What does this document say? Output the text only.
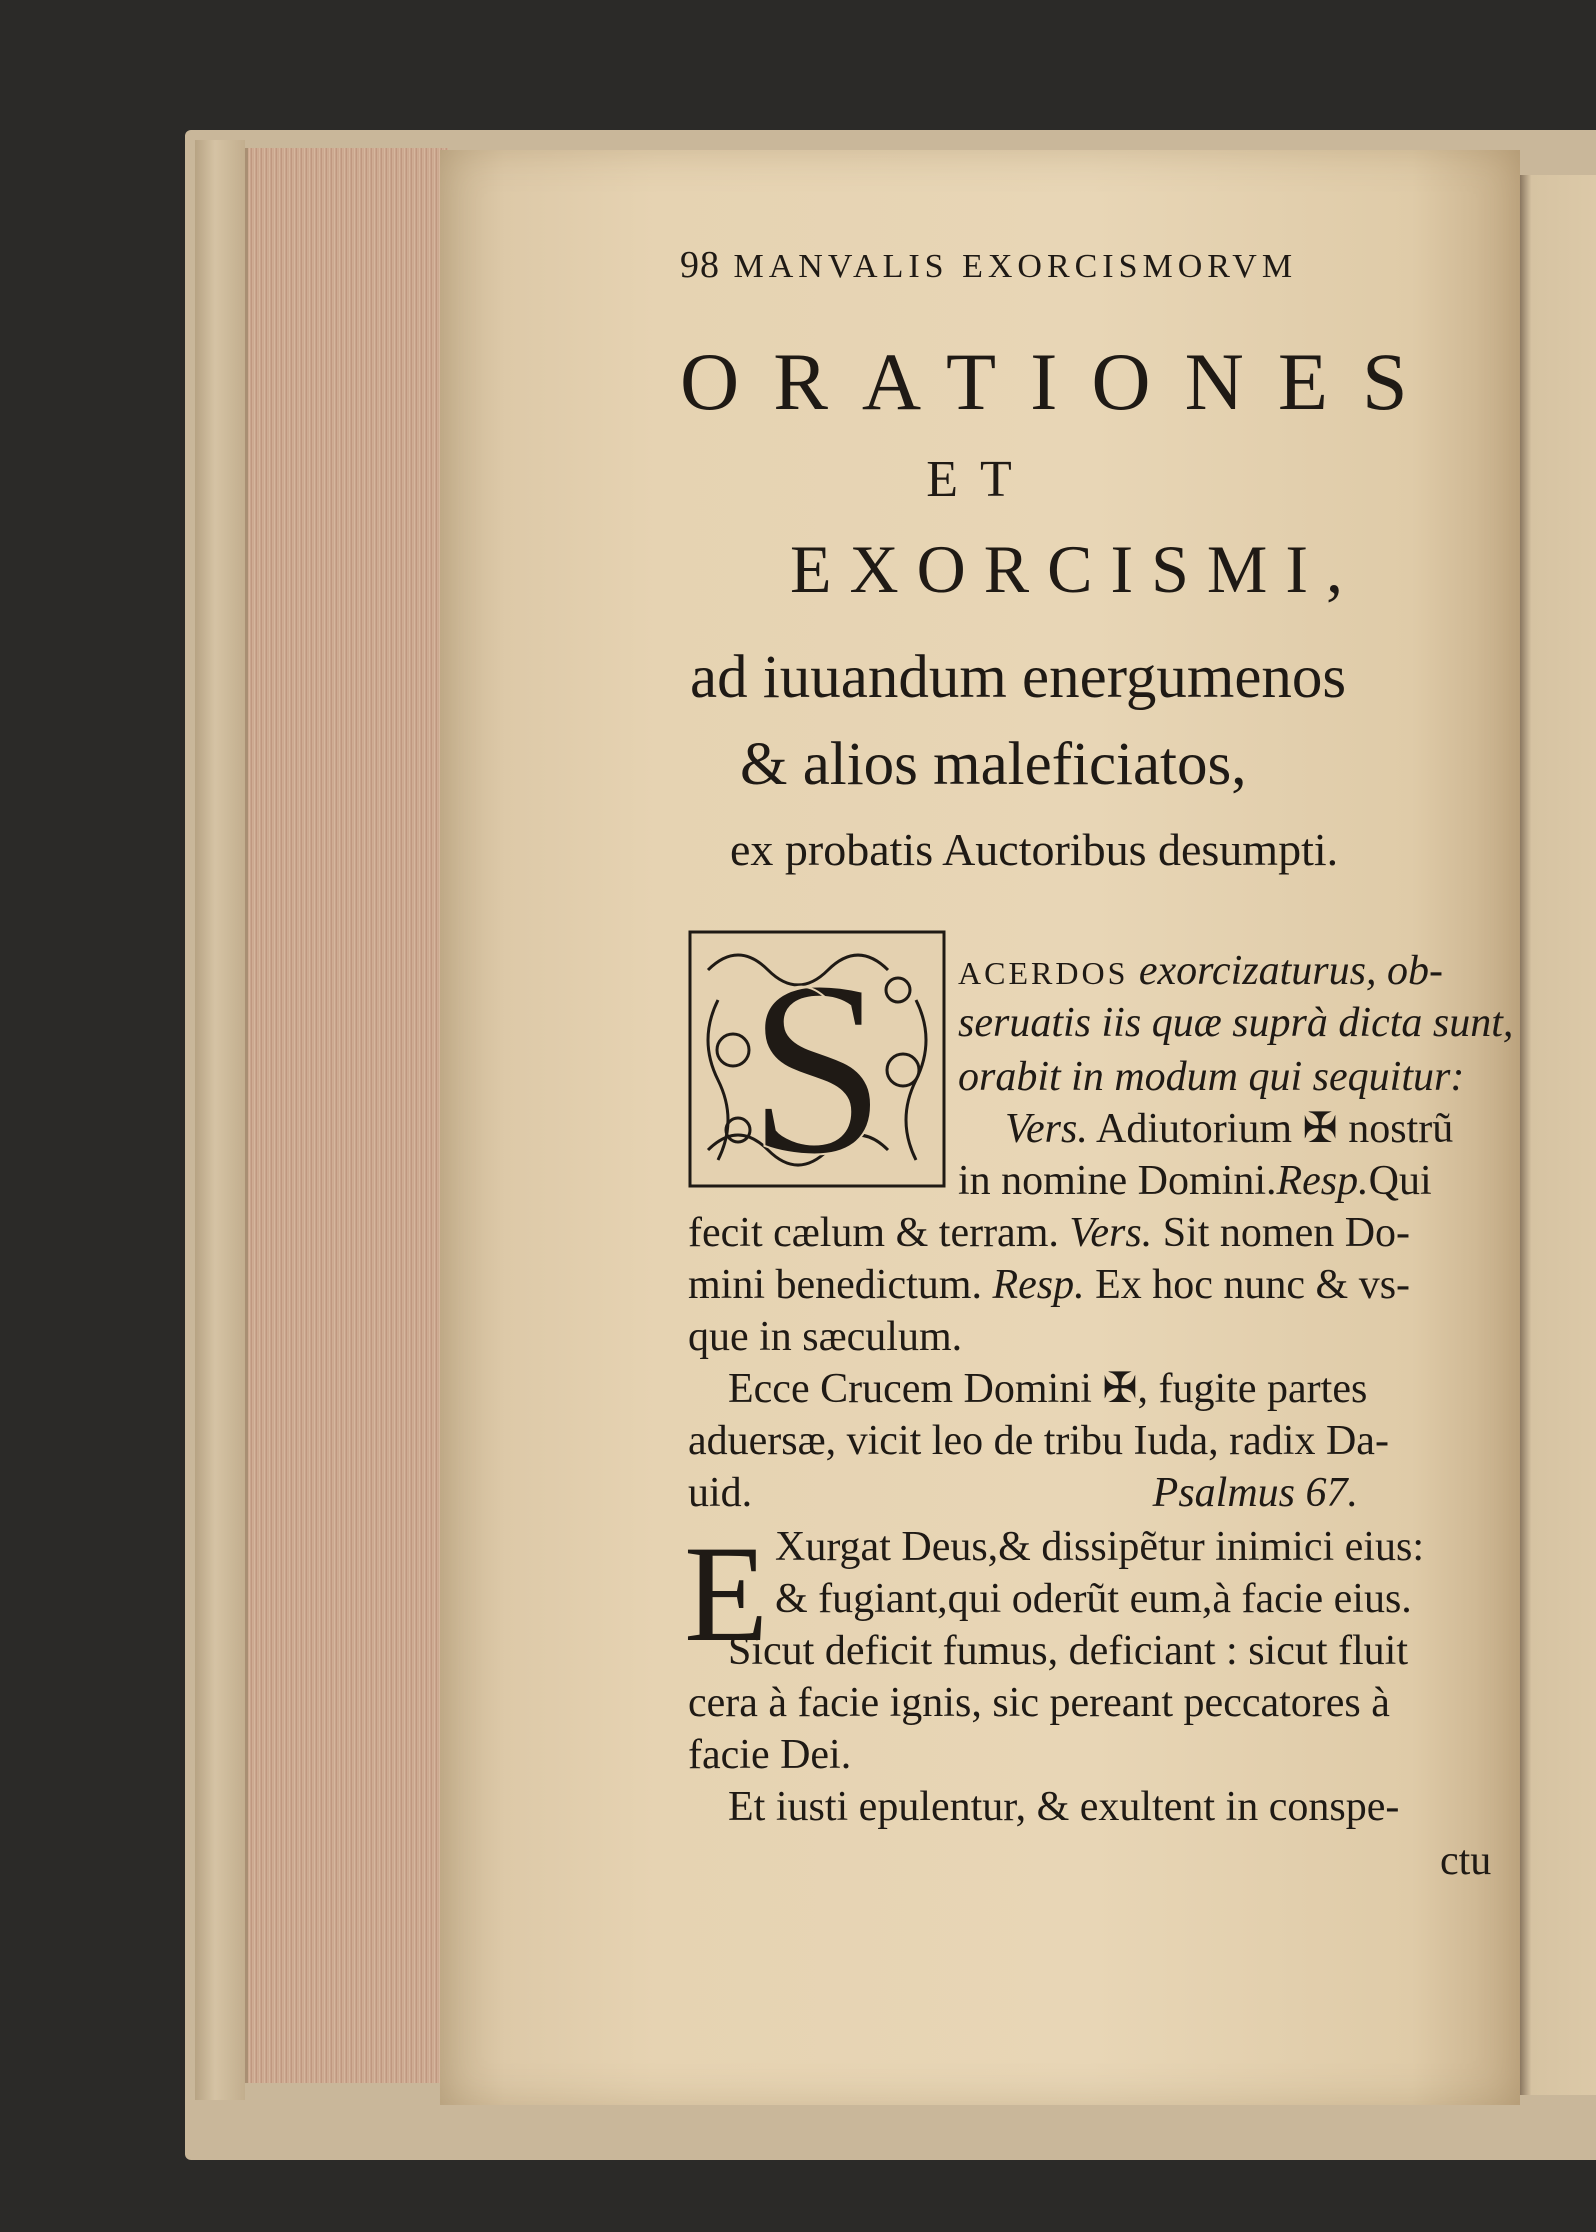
98 MANVALIS EXORCISMORVM
ORATIONES
ET
EXORCISMI,
ad iuuandum energumenos
& alios maleficiatos,
ex probatis Auctoribus desumpti.
S ACERDOS exorcizaturus, ob-
seruatis iis quæ suprà dicta sunt,
orabit in modum qui sequitur:
Vers. Adiutorium ✠ nostrũ
in nomine Domini.Resp.Qui
fecit cælum & terram. Vers. Sit nomen Do-
mini benedictum. Resp. Ex hoc nunc & vs-
que in sæculum.
Ecce Crucem Domini ✠, fugite partes
aduersæ, vicit leo de tribu Iuda, radix Da-
uid.	Psalmus 67.
E Xurgat Deus,& dissipẽtur inimici eius:
& fugiant,qui oderũt eum,à facie eius.
Sicut deficit fumus, deficiant : sicut fluit
cera à facie ignis, sic pereant peccatores à
facie Dei.
Et iusti epulentur, & exultent in conspe-
ctu
